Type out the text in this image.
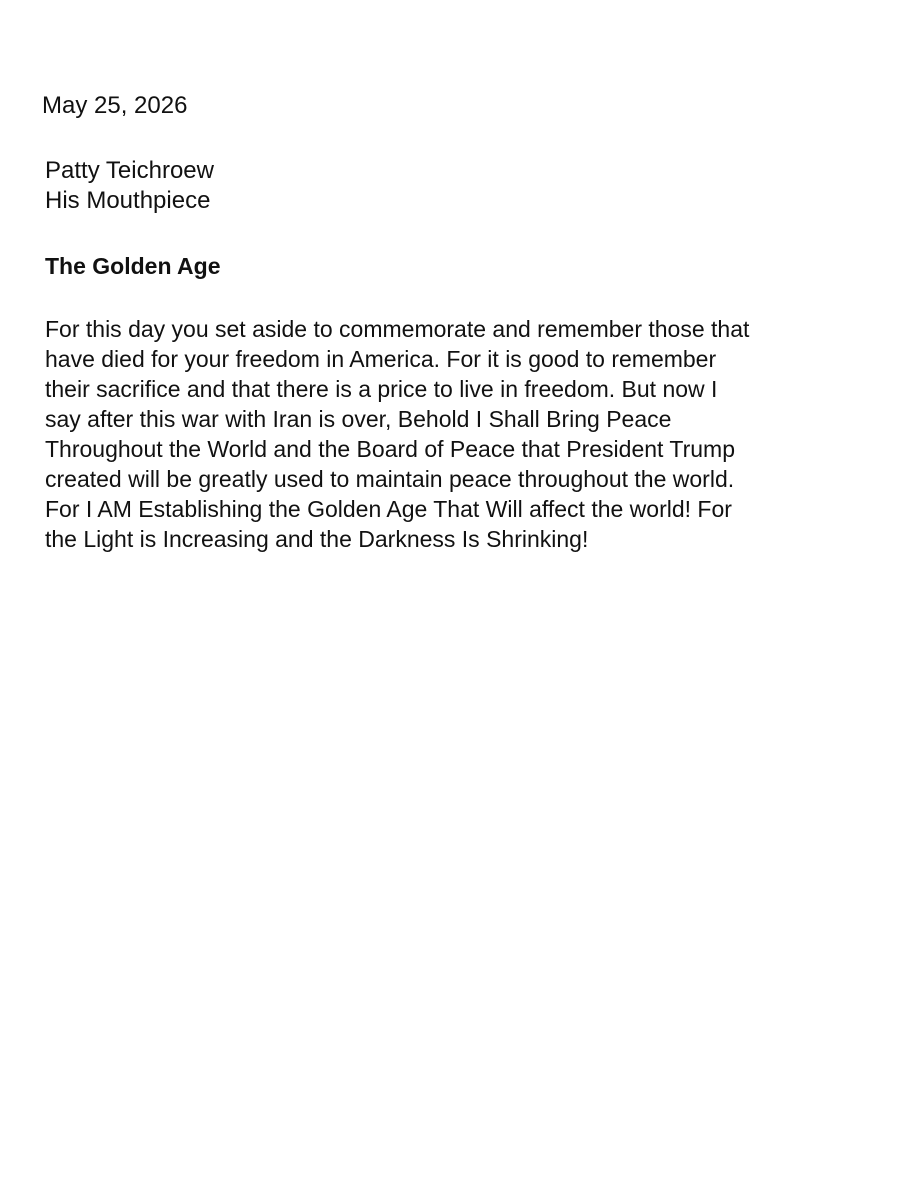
May 25, 2026
Patty Teichroew
His Mouthpiece
The Golden Age
For this day you set aside to commemorate and remember those that
have died for your freedom in America. For it is good to remember
their sacrifice and that there is a price to live in freedom. But now I
say after this war with Iran is over, Behold I Shall Bring Peace
Throughout the World and the Board of Peace that President Trump
created will be greatly used to maintain peace throughout the world.
For I AM Establishing the Golden Age That Will affect the world! For
the Light is Increasing and the Darkness Is Shrinking!
